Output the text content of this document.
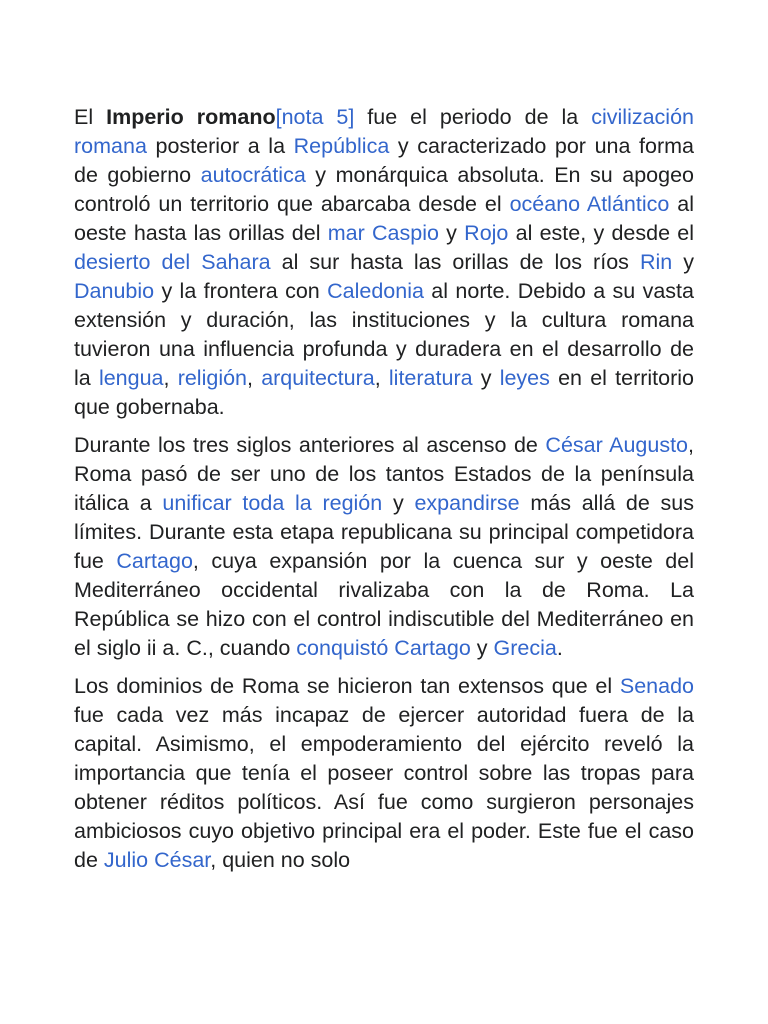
El Imperio romano[nota 5] fue el periodo de la civilización romana posterior a la República y caracterizado por una forma de gobierno autocrática y monárquica absoluta. En su apogeo controló un territorio que abarcaba desde el océano Atlántico al oeste hasta las orillas del mar Caspio y Rojo al este, y desde el desierto del Sahara al sur hasta las orillas de los ríos Rin y Danubio y la frontera con Caledonia al norte. Debido a su vasta extensión y duración, las instituciones y la cultura romana tuvieron una influencia profunda y duradera en el desarrollo de la lengua, religión, arquitectura, literatura y leyes en el territorio que gobernaba.

Durante los tres siglos anteriores al ascenso de César Augusto, Roma pasó de ser uno de los tantos Estados de la península itálica a unificar toda la región y expandirse más allá de sus límites. Durante esta etapa republicana su principal competidora fue Cartago, cuya expansión por la cuenca sur y oeste del Mediterráneo occidental rivalizaba con la de Roma. La República se hizo con el control indiscutible del Mediterráneo en el siglo ii a. C., cuando conquistó Cartago y Grecia.

Los dominios de Roma se hicieron tan extensos que el Senado fue cada vez más incapaz de ejercer autoridad fuera de la capital. Asimismo, el empoderamiento del ejército reveló la importancia que tenía el poseer control sobre las tropas para obtener réditos políticos. Así fue como surgieron personajes ambiciosos cuyo objetivo principal era el poder. Este fue el caso de Julio César, quien no solo
